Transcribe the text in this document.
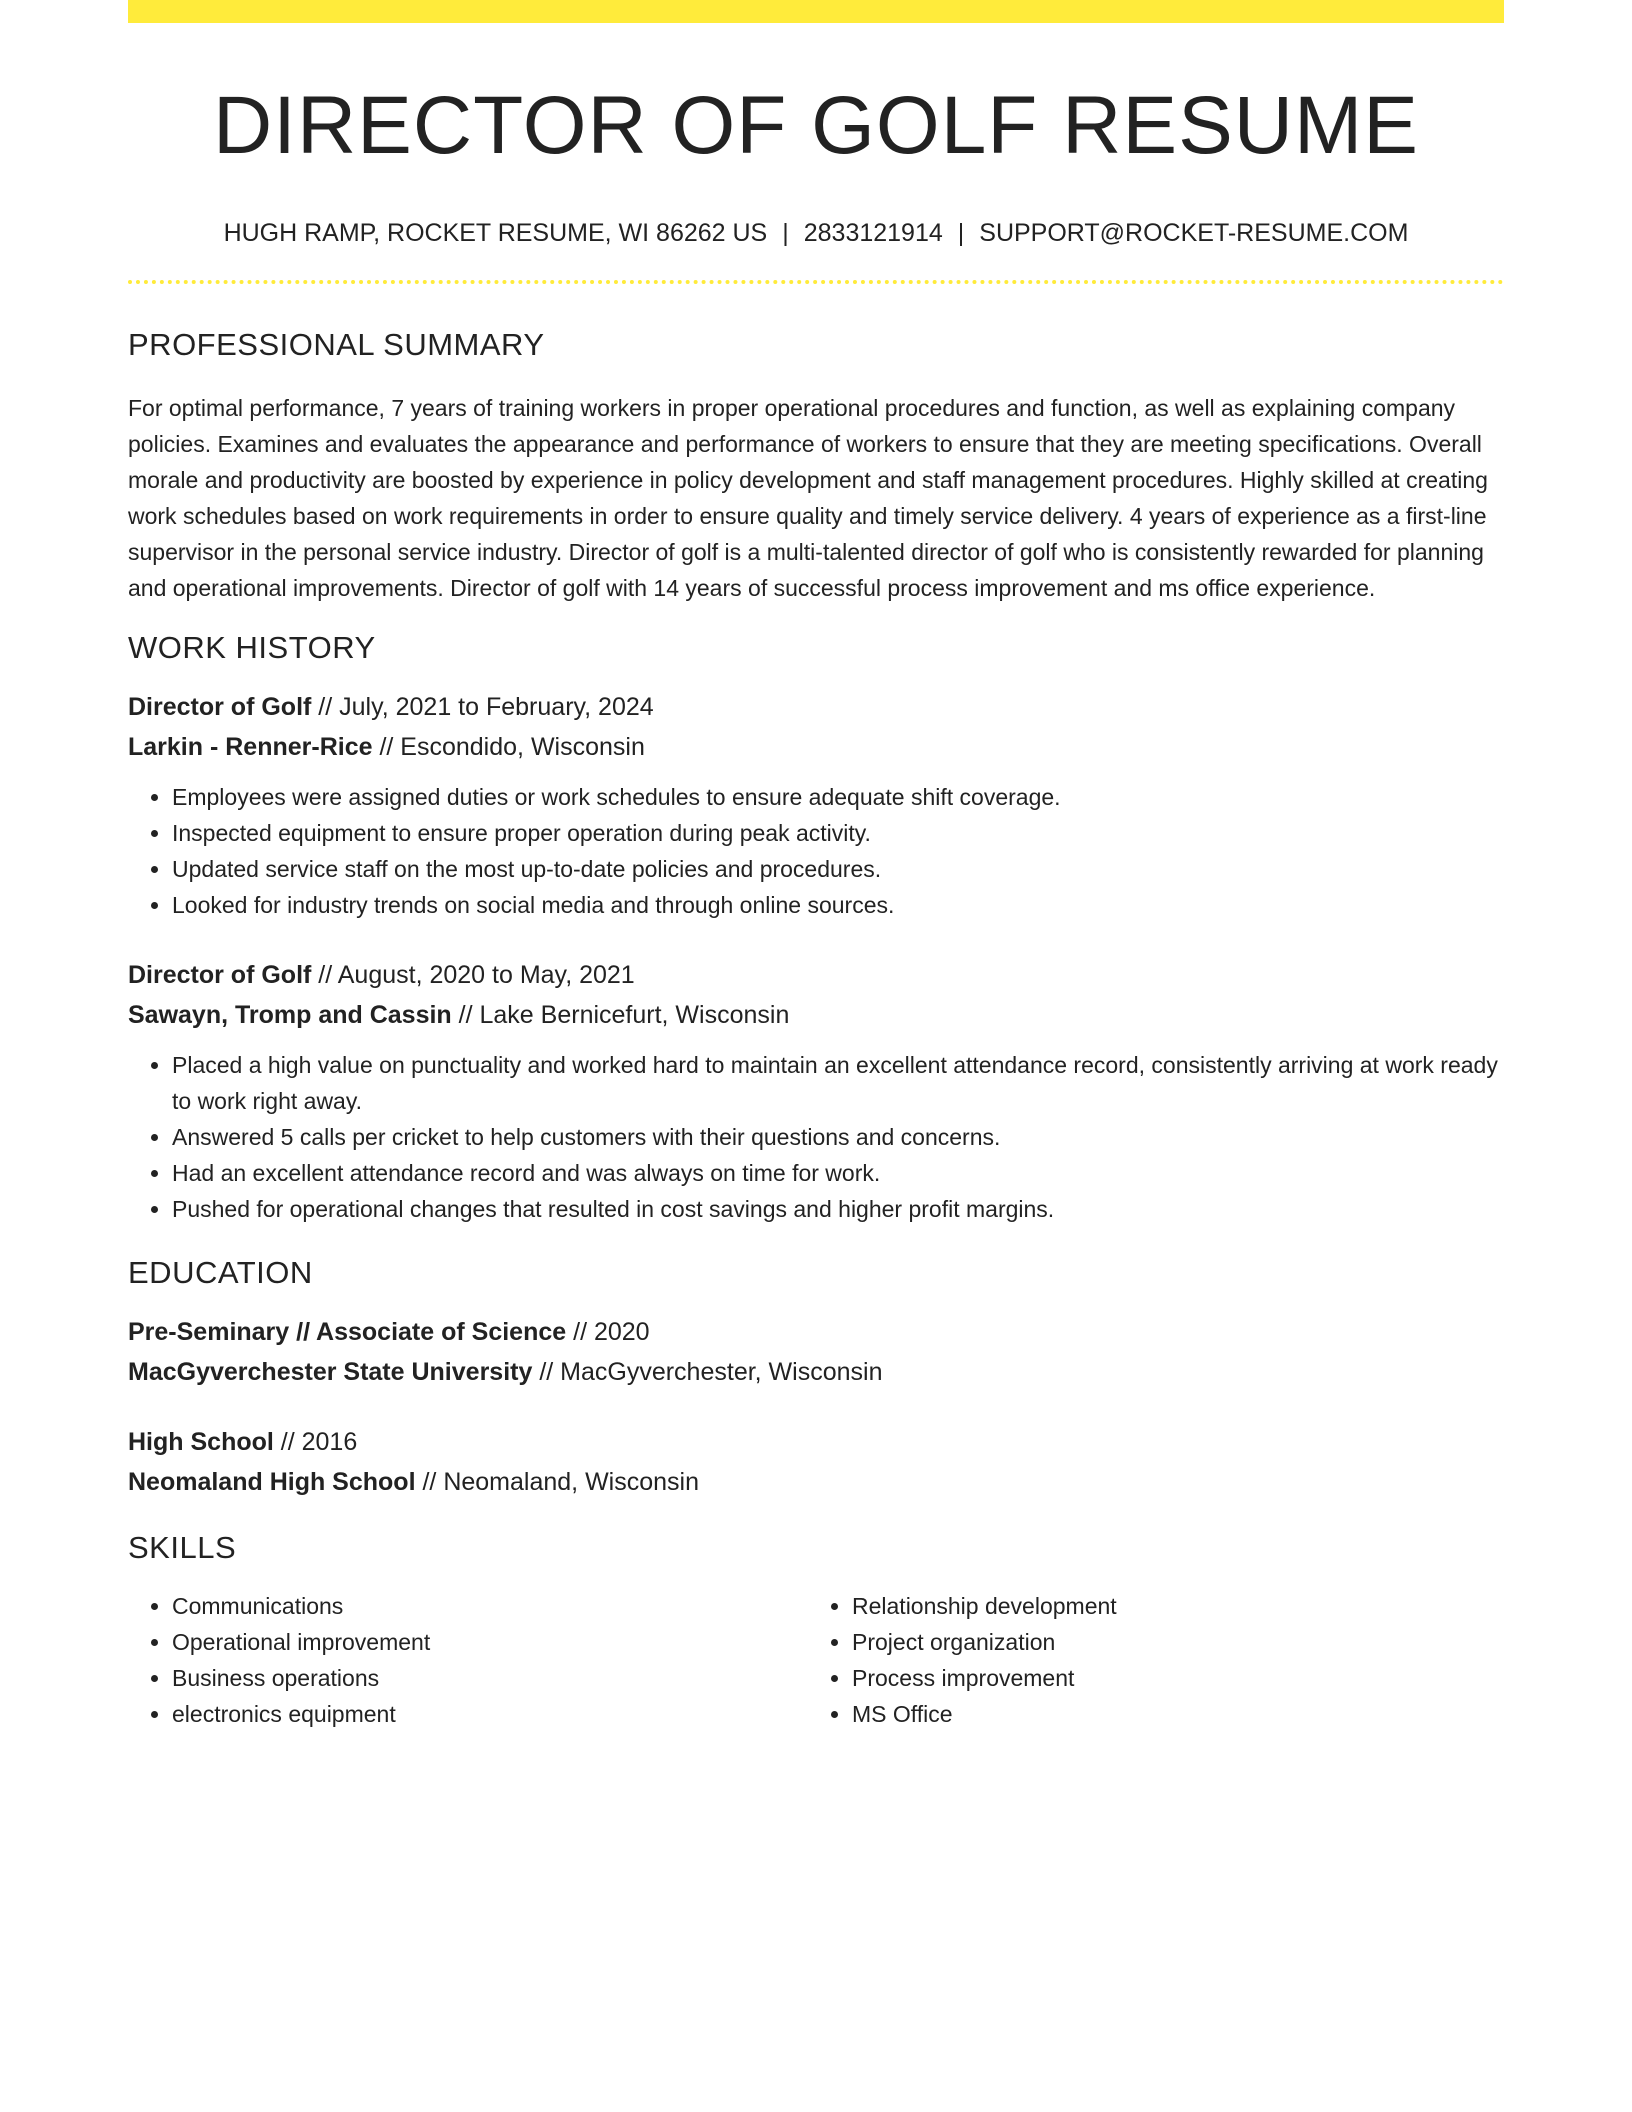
DIRECTOR OF GOLF RESUME
HUGH RAMP, ROCKET RESUME, WI 86262 US | 2833121914 | SUPPORT@ROCKET-RESUME.COM
PROFESSIONAL SUMMARY
For optimal performance, 7 years of training workers in proper operational procedures and function, as well as explaining company policies. Examines and evaluates the appearance and performance of workers to ensure that they are meeting specifications. Overall morale and productivity are boosted by experience in policy development and staff management procedures. Highly skilled at creating work schedules based on work requirements in order to ensure quality and timely service delivery. 4 years of experience as a first-line supervisor in the personal service industry. Director of golf is a multi-talented director of golf who is consistently rewarded for planning and operational improvements. Director of golf with 14 years of successful process improvement and ms office experience.
WORK HISTORY
Director of Golf // July, 2021 to February, 2024
Larkin - Renner-Rice // Escondido, Wisconsin
• Employees were assigned duties or work schedules to ensure adequate shift coverage.
• Inspected equipment to ensure proper operation during peak activity.
• Updated service staff on the most up-to-date policies and procedures.
• Looked for industry trends on social media and through online sources.
Director of Golf // August, 2020 to May, 2021
Sawayn, Tromp and Cassin // Lake Bernicefurt, Wisconsin
• Placed a high value on punctuality and worked hard to maintain an excellent attendance record, consistently arriving at work ready to work right away.
• Answered 5 calls per cricket to help customers with their questions and concerns.
• Had an excellent attendance record and was always on time for work.
• Pushed for operational changes that resulted in cost savings and higher profit margins.
EDUCATION
Pre-Seminary // Associate of Science // 2020
MacGyverchester State University // MacGyverchester, Wisconsin
High School // 2016
Neomaland High School // Neomaland, Wisconsin
SKILLS
• Communications
• Operational improvement
• Business operations
• electronics equipment
• Relationship development
• Project organization
• Process improvement
• MS Office
